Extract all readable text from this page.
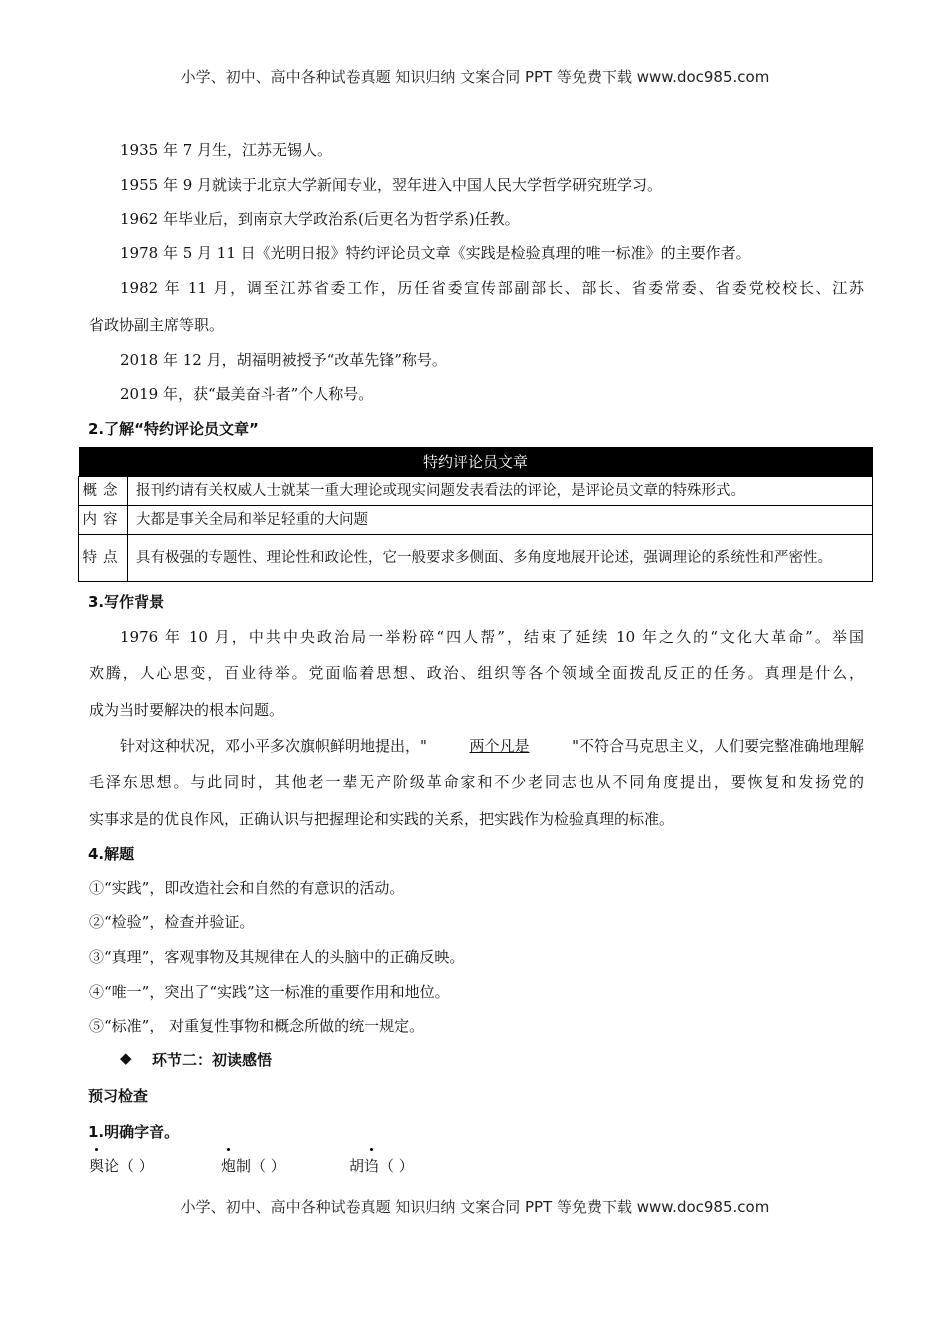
小学、初中、高中各种试卷真题 知识归纳 文案合同 PPT 等免费下载 www.doc985.com
1935 年 7 月生，江苏无锡人。
1955 年 9 月就读于北京大学新闻专业，翌年进入中国人民大学哲学研究班学习。
1962 年毕业后，到南京大学政治系(后更名为哲学系)任教。
1978 年 5 月 11 日《光明日报》特约评论员文章《实践是检验真理的唯一标准》的主要作者。
1982 年 11 月，调至江苏省委工作，历任省委宣传部副部长、部长、省委常委、省委党校校长、江苏
省政协副主席等职。
2018 年 12 月，胡福明被授予“改革先锋”称号。
2019 年，获“最美奋斗者”个人称号。
2.了解“特约评论员文章”
特约评论员文章	
概念	报刊约请有关权威人士就某一重大理论或现实问题发表看法的评论，是评论员文章的特殊形式。
内容	大都是事关全局和举足轻重的大问题
特点	具有极强的专题性、理论性和政论性，它一般要求多侧面、多角度地展开论述，强调理论的系统性和严密性。
3.写作背景
1976 年 10 月，中共中央政治局一举粉碎“四人帮”，结束了延续 10 年之久的“文化大革命”。举国
欢腾，人心思变，百业待举。党面临着思想、政治、组织等各个领域全面拨乱反正的任务。真理是什么，
成为当时要解决的根本问题。
针对这种状况，邓小平多次旗帜鲜明地提出，"	两个凡是	"不符合马克思主义，人们要完整准确地理解
毛泽东思想。与此同时，其他老一辈无产阶级革命家和不少老同志也从不同角度提出，要恢复和发扬党的
实事求是的优良作风，正确认识与把握理论和实践的关系，把实践作为检验真理的标准。
4.解题
①“实践”，即改造社会和自然的有意识的活动。
②“检验”，检查并验证。
③“真理”，客观事物及其规律在人的头脑中的正确反映。
④“唯一”，突出了“实践”这一标准的重要作用和地位。
⑤“标准”， 对重复性事物和概念所做的统一规定。
◆ 环节二：初读感悟
预习检查
1.明确字音。
舆论（ ）	炮制（ ）	胡诌（ ）
小学、初中、高中各种试卷真题 知识归纳 文案合同 PPT 等免费下载 www.doc985.com
